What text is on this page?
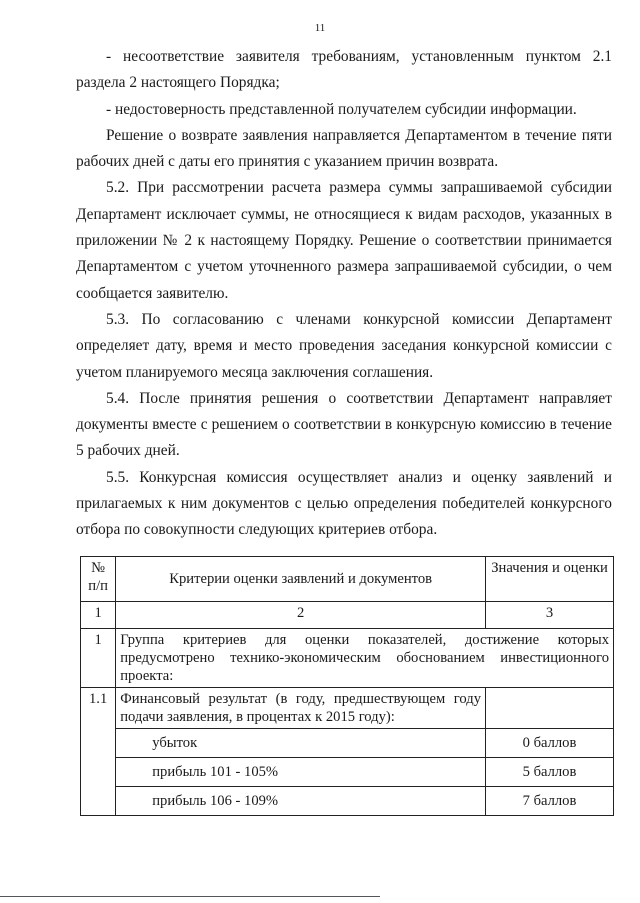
11

- несоответствие заявителя требованиям, установленным пунктом 2.1 раздела 2 настоящего Порядка;

- недостоверность представленной получателем субсидии информации.

Решение о возврате заявления направляется Департаментом в течение пяти рабочих дней с даты его принятия с указанием причин возврата.

5.2. При рассмотрении расчета размера суммы запрашиваемой субсидии Департамент исключает суммы, не относящиеся к видам расходов, указанных в приложении № 2 к настоящему Порядку. Решение о соответствии принимается Департаментом с учетом уточненного размера запрашиваемой субсидии, о чем сообщается заявителю.

5.3. По согласованию с членами конкурсной комиссии Департамент определяет дату, время и место проведения заседания конкурсной комиссии с учетом планируемого месяца заключения соглашения.

5.4. После принятия решения о соответствии Департамент направляет документы вместе с решением о соответствии в конкурсную комиссию в течение 5 рабочих дней.

5.5. Конкурсная комиссия осуществляет анализ и оценку заявлений и прилагаемых к ним документов с целью определения победителей конкурсного отбора по совокупности следующих критериев отбора.

№ п/п	Критерии оценки заявлений и документов	Значения и оценки
1	2	3
1	Группа критериев для оценки показателей, достижение которых предусмотрено технико-экономическим обоснованием инвестиционного проекта:	
1.1	Финансовый результат (в году, предшествующем году подачи заявления, в процентах к 2015 году):	
	убыток	0 баллов
	прибыль 101 - 105%	5 баллов
	прибыль 106 - 109%	7 баллов
